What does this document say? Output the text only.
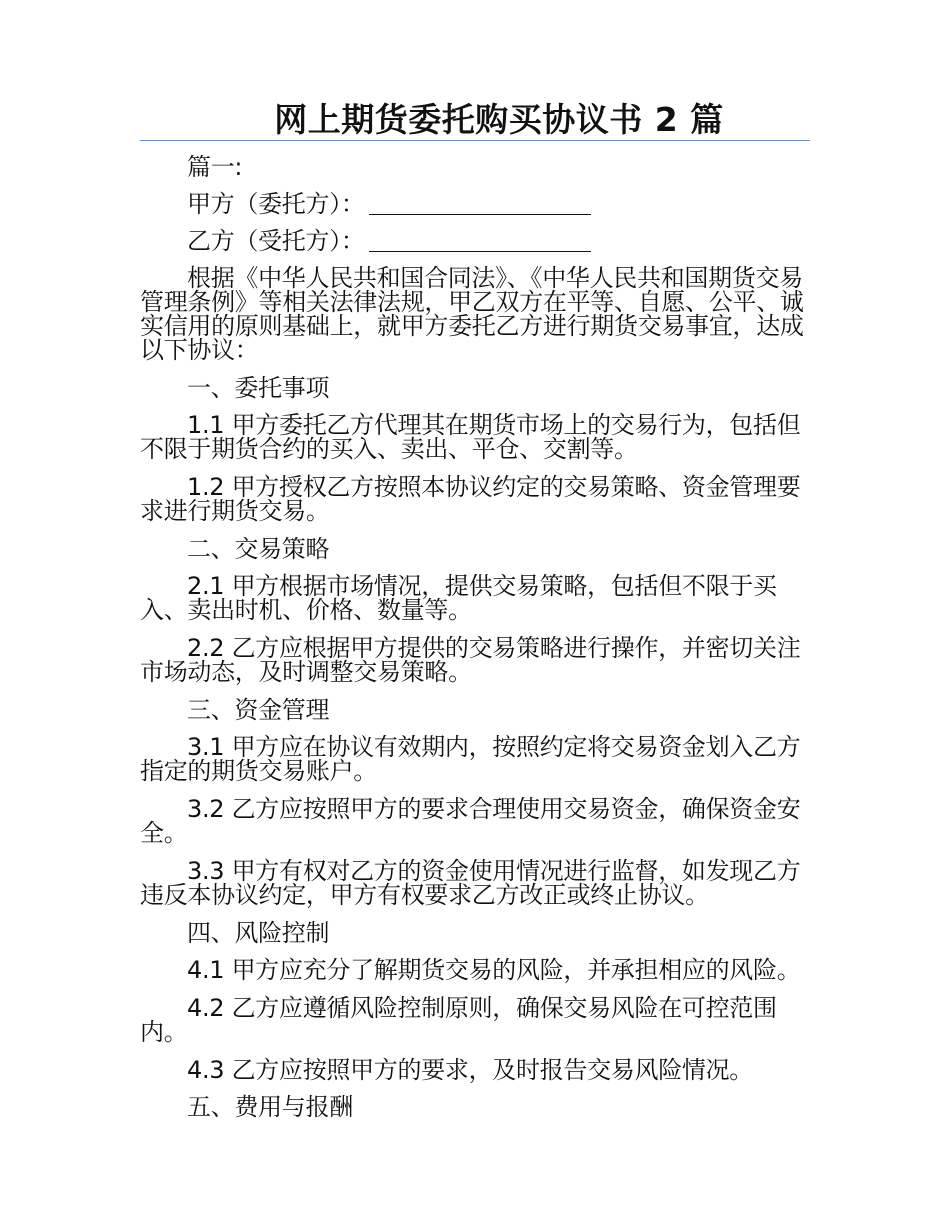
网上期货委托购买协议书 2 篇

篇一:

甲方（委托方）：

乙方（受托方）：

根据《中华人民共和国合同法》、《中华人民共和国期货交易管理条例》等相关法律法规，甲乙双方在平等、自愿、公平、诚实信用的原则基础上，就甲方委托乙方进行期货交易事宜，达成以下协议：

一、委托事项

1.1 甲方委托乙方代理其在期货市场上的交易行为，包括但不限于期货合约的买入、卖出、平仓、交割等。

1.2 甲方授权乙方按照本协议约定的交易策略、资金管理要求进行期货交易。

二、交易策略

2.1 甲方根据市场情况，提供交易策略，包括但不限于买入、卖出时机、价格、数量等。

2.2 乙方应根据甲方提供的交易策略进行操作，并密切关注市场动态，及时调整交易策略。

三、资金管理

3.1 甲方应在协议有效期内，按照约定将交易资金划入乙方指定的期货交易账户。

3.2 乙方应按照甲方的要求合理使用交易资金，确保资金安全。

3.3 甲方有权对乙方的资金使用情况进行监督，如发现乙方违反本协议约定，甲方有权要求乙方改正或终止协议。

四、风险控制

4.1 甲方应充分了解期货交易的风险，并承担相应的风险。

4.2 乙方应遵循风险控制原则，确保交易风险在可控范围内。

4.3 乙方应按照甲方的要求，及时报告交易风险情况。

五、费用与报酬
